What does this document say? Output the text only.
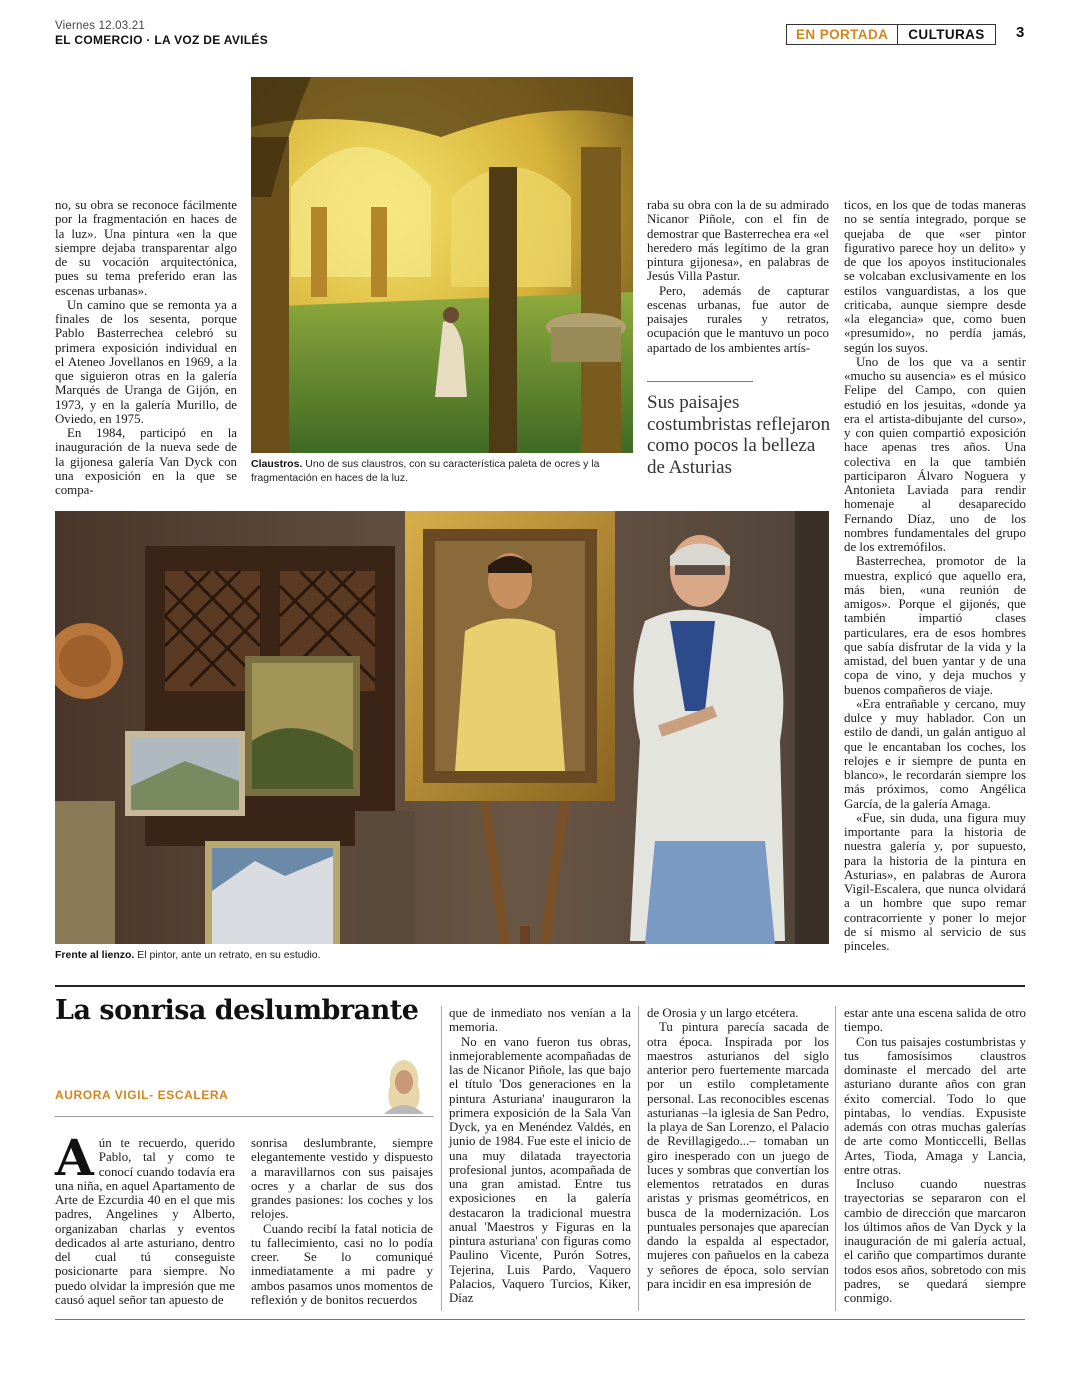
Viernes 12.03.21
EL COMERCIO · LA VOZ DE AVILÉS	EN PORTADA	CULTURAS	3
Claustros. Uno de sus claustros, con su característica paleta de ocres y la fragmentación en haces de la luz.

no, su obra se reconoce fácilmente por la fragmentación en haces de la luz». Una pintura «en la que siempre dejaba transparentar algo de su vocación arquitectónica, pues su tema preferido eran las escenas urbanas».

Un camino que se remonta ya a finales de los sesenta, porque Pablo Basterrechea celebró su primera exposición individual en el Ateneo Jovellanos en 1969, a la que siguieron otras en la galería Marqués de Uranga de Gijón, en 1973, y en la galería Murillo, de Oviedo, en 1975.

En 1984, participó en la inauguración de la nueva sede de la gijonesa galería Van Dyck con una exposición en la que se compa-

raba su obra con la de su admirado Nicanor Piñole, con el fin de demostrar que Basterrechea era «el heredero más legítimo de la gran pintura gijonesa», en palabras de Jesús Villa Pastur.

Pero, además de capturar escenas urbanas, fue autor de paisajes rurales y retratos, ocupación que le mantuvo un poco apartado de los ambientes artís-

Sus paisajes costumbristas reflejaron como pocos la belleza de Asturias

ticos, en los que de todas maneras no se sentía integrado, porque se quejaba de que «ser pintor figurativo parece hoy un delito» y de que los apoyos institucionales se volcaban exclusivamente en los estilos vanguardistas, a los que criticaba, aunque siempre desde «la elegancia» que, como buen «presumido», no perdía jamás, según los suyos.

Uno de los que va a sentir «mucho su ausencia» es el músico Felipe del Campo, con quien estudió en los jesuitas, «donde ya era el artista-dibujante del curso», y con quien compartió exposición hace apenas tres años. Una colectiva en la que también participaron Álvaro Noguera y Antonieta Laviada para rendir homenaje al desaparecido Fernando Díaz, uno de los nombres fundamentales del grupo de los extremófilos.

Basterrechea, promotor de la muestra, explicó que aquello era, más bien, «una reunión de amigos». Porque el gijonés, que también impartió clases particulares, era de esos hombres que sabía disfrutar de la vida y la amistad, del buen yantar y de una copa de vino, y deja muchos y buenos compañeros de viaje.

«Era entrañable y cercano, muy dulce y muy hablador. Con un estilo de dandi, un galán antiguo al que le encantaban los coches, los relojes e ir siempre de punta en blanco», le recordarán siempre los más próximos, como Angélica García, de la galería Amaga.

«Fue, sin duda, una figura muy importante para la historia de nuestra galería y, por supuesto, para la historia de la pintura en Asturias», en palabras de Aurora Vigil-Escalera, que nunca olvidará a un hombre que supo remar contracorriente y poner lo mejor de sí mismo al servicio de sus pinceles.

Frente al lienzo. El pintor, ante un retrato, en su estudio.
La sonrisa deslumbrante
AURORA VIGIL- ESCALERA

Aún te recuerdo, querido Pablo, tal y como te conocí cuando todavía era una niña, en aquel Apartamento de Arte de Ezcurdia 40 en el que mis padres, Angelines y Alberto, organizaban charlas y eventos dedicados al arte asturiano, dentro del cual tú conseguiste posicionarte para siempre. No puedo olvidar la impresión que me causó aquel señor tan apuesto de

sonrisa deslumbrante, siempre elegantemente vestido y dispuesto a maravillarnos con sus paisajes ocres y a charlar de sus dos grandes pasiones: los coches y los relojes.

Cuando recibí la fatal noticia de tu fallecimiento, casi no lo podía creer. Se lo comuniqué inmediatamente a mi padre y ambos pasamos unos momentos de reflexión y de bonitos recuerdos

que de inmediato nos venían a la memoria.

No en vano fueron tus obras, inmejorablemente acompañadas de las de Nicanor Piñole, las que bajo el título 'Dos generaciones en la pintura Asturiana' inauguraron la primera exposición de la Sala Van Dyck, ya en Menéndez Valdés, en junio de 1984. Fue este el inicio de una muy dilatada trayectoria profesional juntos, acompañada de una gran amistad. Entre tus exposiciones en la galería destacaron la tradicional muestra anual 'Maestros y Figuras en la pintura asturiana' con figuras como Paulino Vicente, Purón Sotres, Tejerina, Luis Pardo, Vaquero Palacios, Vaquero Turcios, Kiker, Díaz

de Orosia y un largo etcétera.

Tu pintura parecía sacada de otra época. Inspirada por los maestros asturianos del siglo anterior pero fuertemente marcada por un estilo completamente personal. Las reconocibles escenas asturianas –la iglesia de San Pedro, la playa de San Lorenzo, el Palacio de Revillagigedo...– tomaban un giro inesperado con un juego de luces y sombras que convertían los elementos retratados en duras aristas y prismas geométricos, en busca de la modernización. Los puntuales personajes que aparecían dando la espalda al espectador, mujeres con pañuelos en la cabeza y señores de época, solo servían para incidir en esa impresión de

estar ante una escena salida de otro tiempo.

Con tus paisajes costumbristas y tus famosísimos claustros dominaste el mercado del arte asturiano durante años con gran éxito comercial. Todo lo que pintabas, lo vendías. Expusiste además con otras muchas galerías de arte como Monticcelli, Bellas Artes, Tioda, Amaga y Lancia, entre otras.

Incluso cuando nuestras trayectorias se separaron con el cambio de dirección que marcaron los últimos años de Van Dyck y la inauguración de mi galería actual, el cariño que compartimos durante todos esos años, sobretodo con mis padres, se quedará siempre conmigo.
